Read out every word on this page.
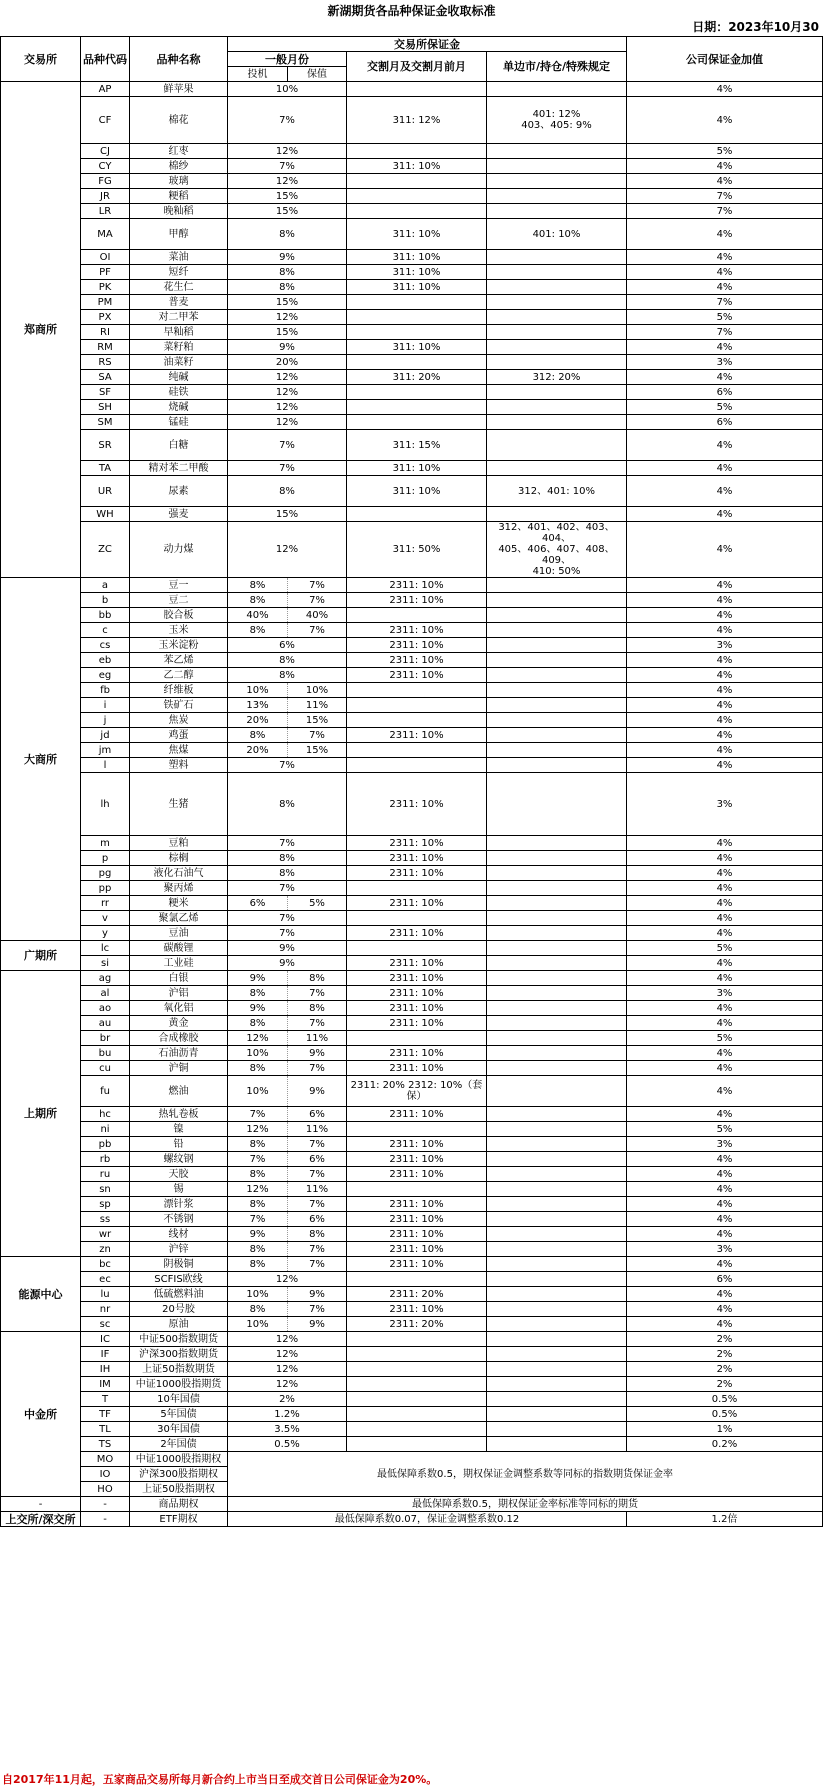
新湖期货各品种保证金收取标准
日期：2023年10月30
交易所	品种代码	品种名称	交易所保证金				公司保证金加值
			一般月份		交割月及交割月前月	单边市/持仓/特殊规定	
			投机	保值			
郑商所	AP	鲜苹果	10%				4%
	CF	棉花	7%		311: 12%	401: 12%
403、405: 9%	4%
	CJ	红枣	12%				5%
	CY	棉纱	7%		311: 10%		4%
	FG	玻璃	12%				4%
	JR	粳稻	15%				7%
	LR	晚籼稻	15%				7%
	MA	甲醇	8%		311: 10%	401: 10%	4%
	OI	菜油	9%		311: 10%		4%
	PF	短纤	8%		311: 10%		4%
	PK	花生仁	8%		311: 10%		4%
	PM	普麦	15%				7%
	PX	对二甲苯	12%				5%
	RI	早籼稻	15%				7%
	RM	菜籽粕	9%		311: 10%		4%
	RS	油菜籽	20%				3%
	SA	纯碱	12%		311: 20%	312: 20%	4%
	SF	硅铁	12%				6%
	SH	烧碱	12%				5%
	SM	锰硅	12%				6%
	SR	白糖	7%		311: 15%		4%
	TA	精对苯二甲酸	7%		311: 10%		4%
	UR	尿素	8%		311: 10%	312、401: 10%	4%
	WH	强麦	15%				4%
	ZC	动力煤	12%		311: 50%	312、401、402、403、404、
405、406、407、408、409、
410: 50%	4%
大商所	a	豆一	8%	7%	2311: 10%		4%
	b	豆二	8%	7%	2311: 10%		4%
	bb	胶合板	40%	40%			4%
	c	玉米	8%	7%	2311: 10%		4%
	cs	玉米淀粉	6%		2311: 10%		3%
	eb	苯乙烯	8%		2311: 10%		4%
	eg	乙二醇	8%		2311: 10%		4%
	fb	纤维板	10%	10%			4%
	i	铁矿石	13%	11%			4%
	j	焦炭	20%	15%			4%
	jd	鸡蛋	8%	7%	2311: 10%		4%
	jm	焦煤	20%	15%			4%
	l	塑料	7%				4%
	lh	生猪	8%		2311: 10%		3%
	m	豆粕	7%		2311: 10%		4%
	p	棕榈	8%		2311: 10%		4%
	pg	液化石油气	8%		2311: 10%		4%
	pp	聚丙烯	7%				4%
	rr	粳米	6%	5%	2311: 10%		4%
	v	聚氯乙烯	7%				4%
	y	豆油	7%		2311: 10%		4%
广期所	lc	碳酸锂	9%				5%
	si	工业硅	9%		2311: 10%		4%
上期所	ag	白银	9%	8%	2311: 10%		4%
	al	沪铝	8%	7%	2311: 10%		3%
	ao	氧化铝	9%	8%	2311: 10%		4%
	au	黄金	8%	7%	2311: 10%		4%
	br	合成橡胶	12%	11%			5%
	bu	石油沥青	10%	9%	2311: 10%		4%
	cu	沪铜	8%	7%	2311: 10%		4%
	fu	燃油	10%	9%	2311: 20% 2312: 10%（套保）		4%
	hc	热轧卷板	7%	6%	2311: 10%		4%
	ni	镍	12%	11%			5%
	pb	铅	8%	7%	2311: 10%		3%
	rb	螺纹钢	7%	6%	2311: 10%		4%
	ru	天胶	8%	7%	2311: 10%		4%
	sn	锡	12%	11%			4%
	sp	漂针浆	8%	7%	2311: 10%		4%
	ss	不锈钢	7%	6%	2311: 10%		4%
	wr	线材	9%	8%	2311: 10%		4%
	zn	沪锌	8%	7%	2311: 10%		3%
能源中心	bc	阴极铜	8%	7%	2311: 10%		4%
	ec	SCFIS欧线	12%				6%
	lu	低硫燃料油	10%	9%	2311: 20%		4%
	nr	20号胶	8%	7%	2311: 10%		4%
	sc	原油	10%	9%	2311: 20%		4%
中金所	IC	中证500指数期货	12%				2%
	IF	沪深300指数期货	12%				2%
	IH	上证50指数期货	12%				2%
	IM	中证1000股指期货	12%				2%
	T	10年国债	2%				0.5%
	TF	5年国债	1.2%				0.5%
	TL	30年国债	3.5%				1%
	TS	2年国债	0.5%				0.2%
	MO	中证1000股指期权	最低保障系数0.5，期权保证金调整系数等同标的指数期货保证金率				
	IO	沪深300股指期权					
	HO	上证50股指期权					
-	-	商品期权	最低保障系数0.5，期权保证金率标准等同标的期货				
上交所/深交所	-	ETF期权	最低保障系数0.07，保证金调整系数0.12				1.2倍
自2017年11月起，五家商品交易所每月新合约上市当日至成交首日公司保证金为20%。
